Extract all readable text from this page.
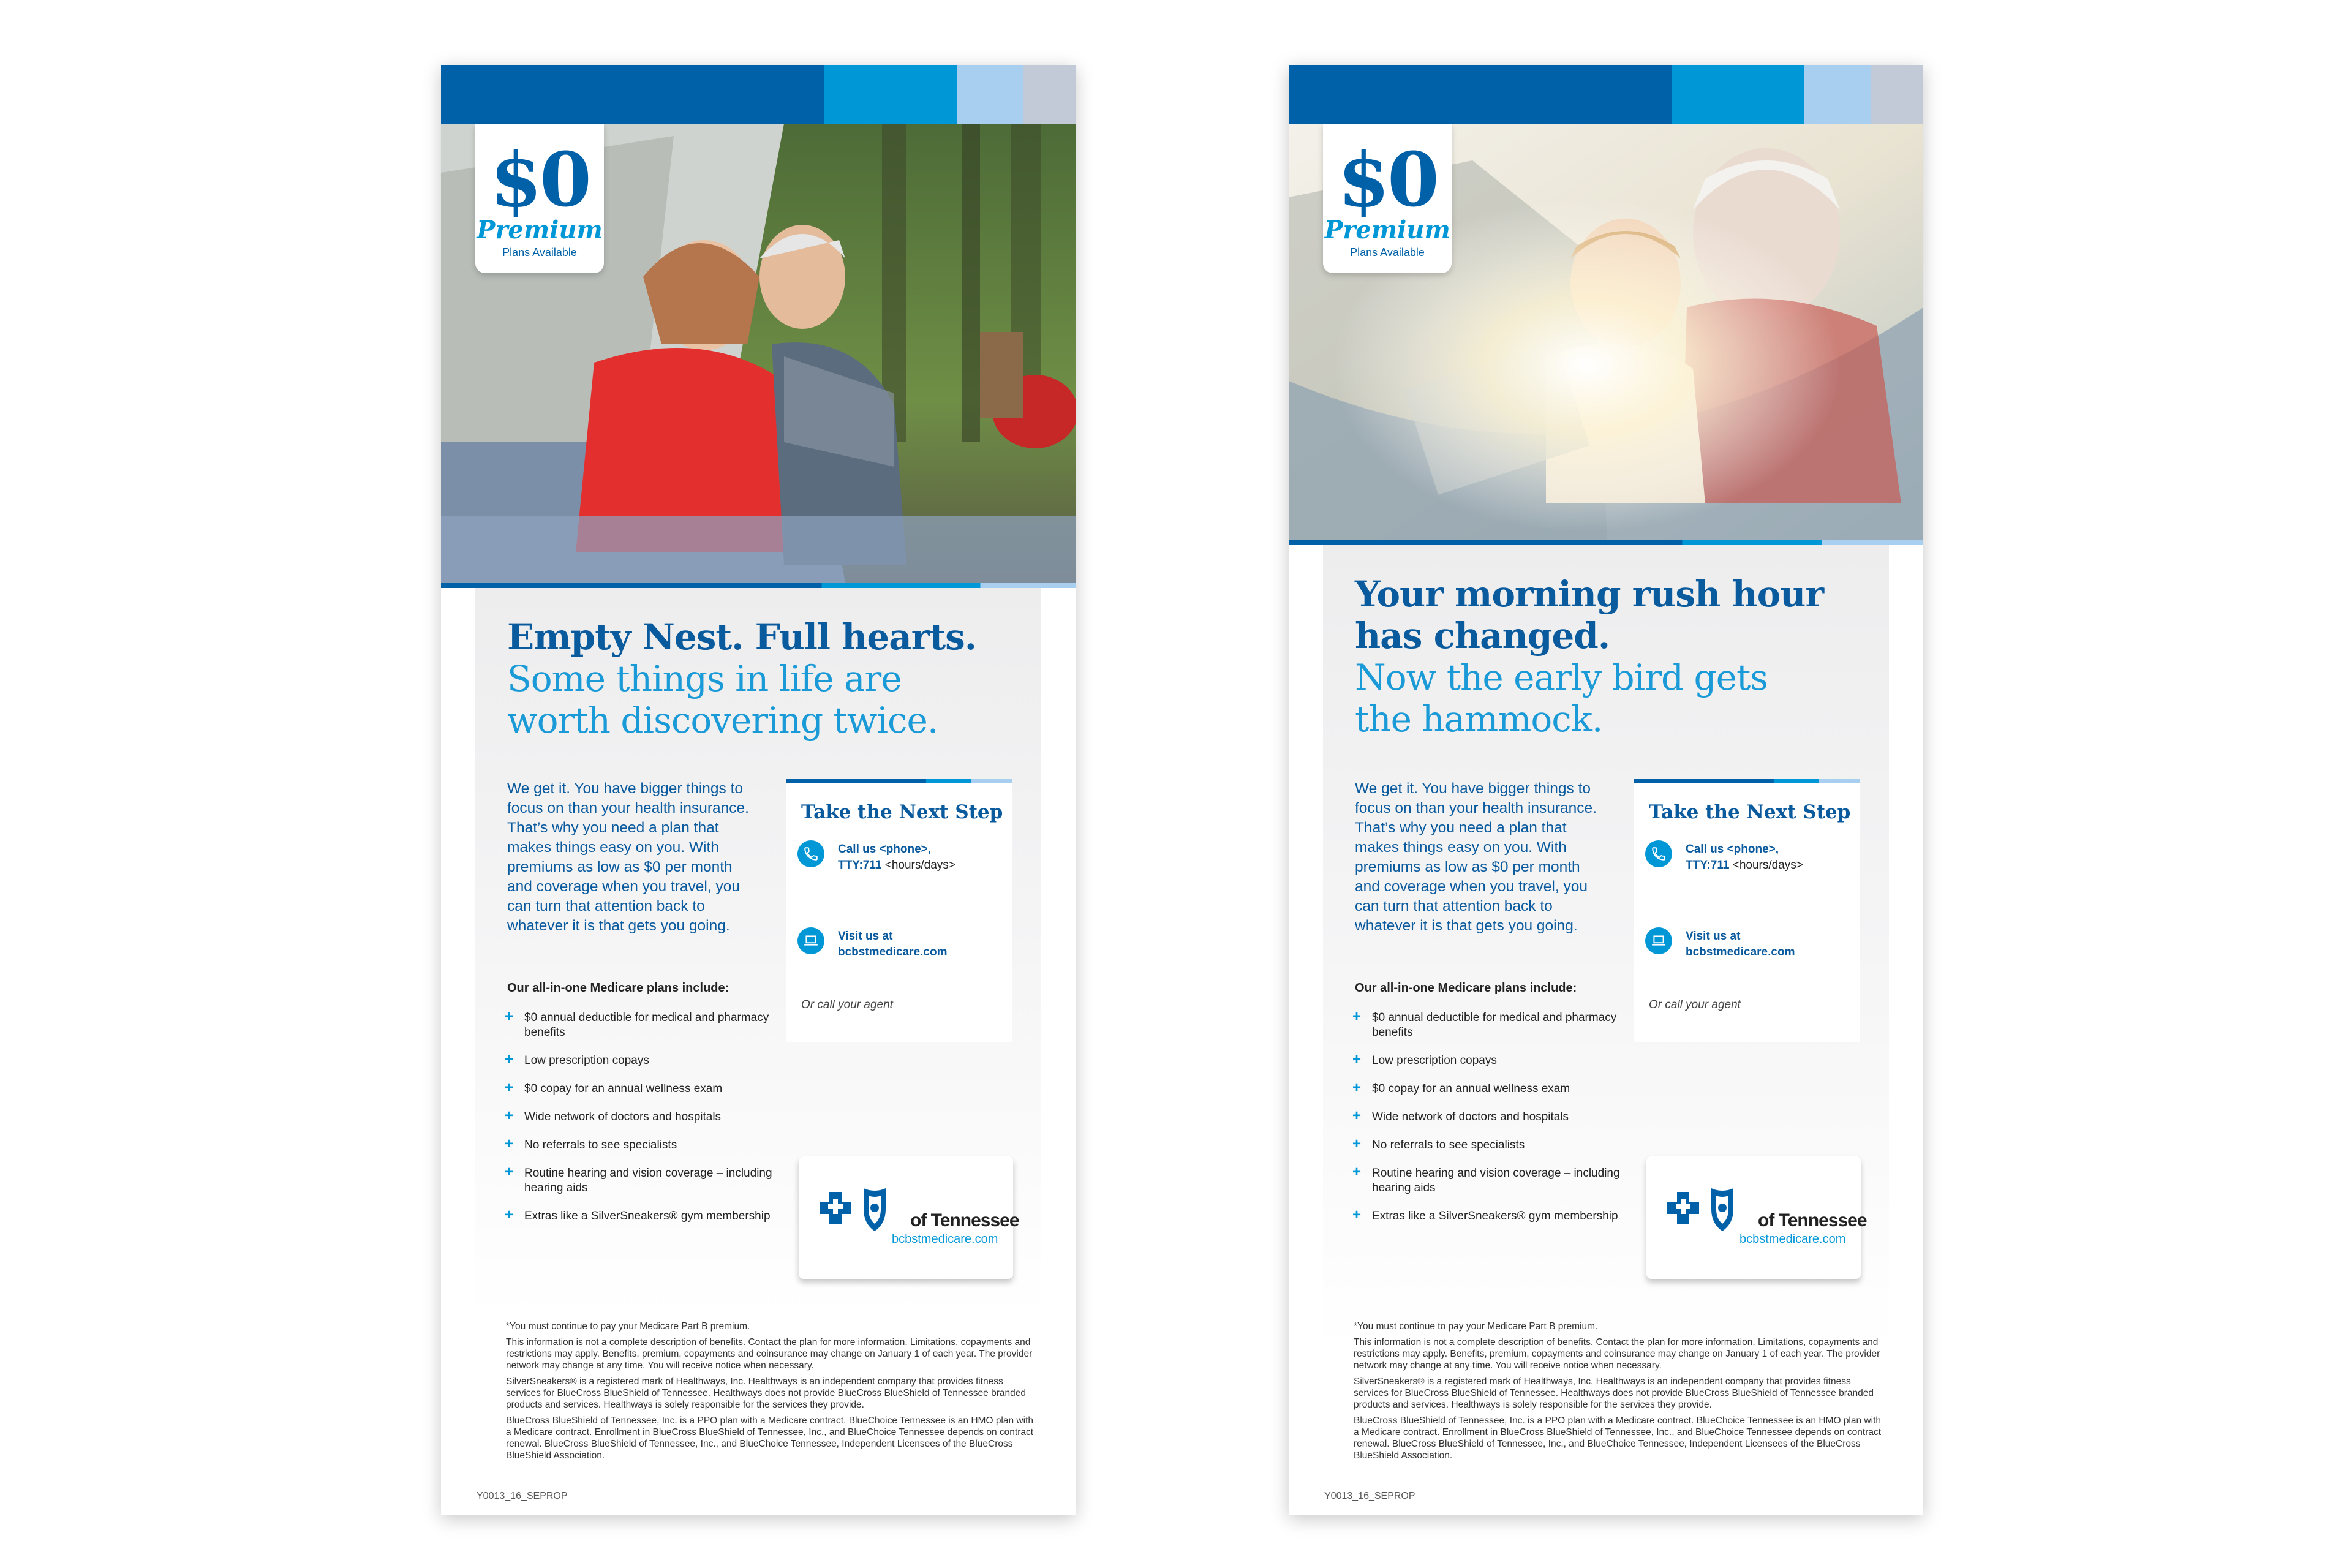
$0
Premium
Plans Available
Empty Nest. Full hearts.
Some things in life are
worth discovering twice.
We get it. You have bigger things to focus on than your health insurance. That’s why you need a plan that makes things easy on you. With premiums as low as $0 per month and coverage when you travel, you can turn that attention back to whatever it is that gets you going.
Our all-in-one Medicare plans include:
+ $0 annual deductible for medical and pharmacy benefits
+ Low prescription copays
+ $0 copay for an annual wellness exam
+ Wide network of doctors and hospitals
+ No referrals to see specialists
+ Routine hearing and vision coverage – including hearing aids
+ Extras like a SilverSneakers® gym membership
Take the Next Step
Call us <phone>,
TTY:711 <hours/days>
Visit us at
bcbstmedicare.com
Or call your agent
of Tennessee
bcbstmedicare.com

*You must continue to pay your Medicare Part B premium.

This information is not a complete description of benefits. Contact the plan for more information. Limitations, copayments and restrictions may apply. Benefits, premium, copayments and coinsurance may change on January 1 of each year. The provider network may change at any time. You will receive notice when necessary.

SilverSneakers® is a registered mark of Healthways, Inc. Healthways is an independent company that provides fitness services for BlueCross BlueShield of Tennessee. Healthways does not provide BlueCross BlueShield of Tennessee branded products and services. Healthways is solely responsible for the services they provide.

BlueCross BlueShield of Tennessee, Inc. is a PPO plan with a Medicare contract. BlueChoice Tennessee is an HMO plan with a Medicare contract. Enrollment in BlueCross BlueShield of Tennessee, Inc., and BlueChoice Tennessee depends on contract renewal. BlueCross BlueShield of Tennessee, Inc., and BlueChoice Tennessee, Independent Licensees of the BlueCross BlueShield Association.

Y0013_16_SEPROP
$0
Premium
Plans Available
Your morning rush hour
has changed.
Now the early bird gets
the hammock.
We get it. You have bigger things to focus on than your health insurance. That’s why you need a plan that makes things easy on you. With premiums as low as $0 per month and coverage when you travel, you can turn that attention back to whatever it is that gets you going.
Our all-in-one Medicare plans include:
+ $0 annual deductible for medical and pharmacy benefits
+ Low prescription copays
+ $0 copay for an annual wellness exam
+ Wide network of doctors and hospitals
+ No referrals to see specialists
+ Routine hearing and vision coverage – including hearing aids
+ Extras like a SilverSneakers® gym membership
Take the Next Step
Call us <phone>,
TTY:711 <hours/days>
Visit us at
bcbstmedicare.com
Or call your agent
of Tennessee
bcbstmedicare.com

*You must continue to pay your Medicare Part B premium.

This information is not a complete description of benefits. Contact the plan for more information. Limitations, copayments and restrictions may apply. Benefits, premium, copayments and coinsurance may change on January 1 of each year. The provider network may change at any time. You will receive notice when necessary.

SilverSneakers® is a registered mark of Healthways, Inc. Healthways is an independent company that provides fitness services for BlueCross BlueShield of Tennessee. Healthways does not provide BlueCross BlueShield of Tennessee branded products and services. Healthways is solely responsible for the services they provide.

BlueCross BlueShield of Tennessee, Inc. is a PPO plan with a Medicare contract. BlueChoice Tennessee is an HMO plan with a Medicare contract. Enrollment in BlueCross BlueShield of Tennessee, Inc., and BlueChoice Tennessee depends on contract renewal. BlueCross BlueShield of Tennessee, Inc., and BlueChoice Tennessee, Independent Licensees of the BlueCross BlueShield Association.

Y0013_16_SEPROP
